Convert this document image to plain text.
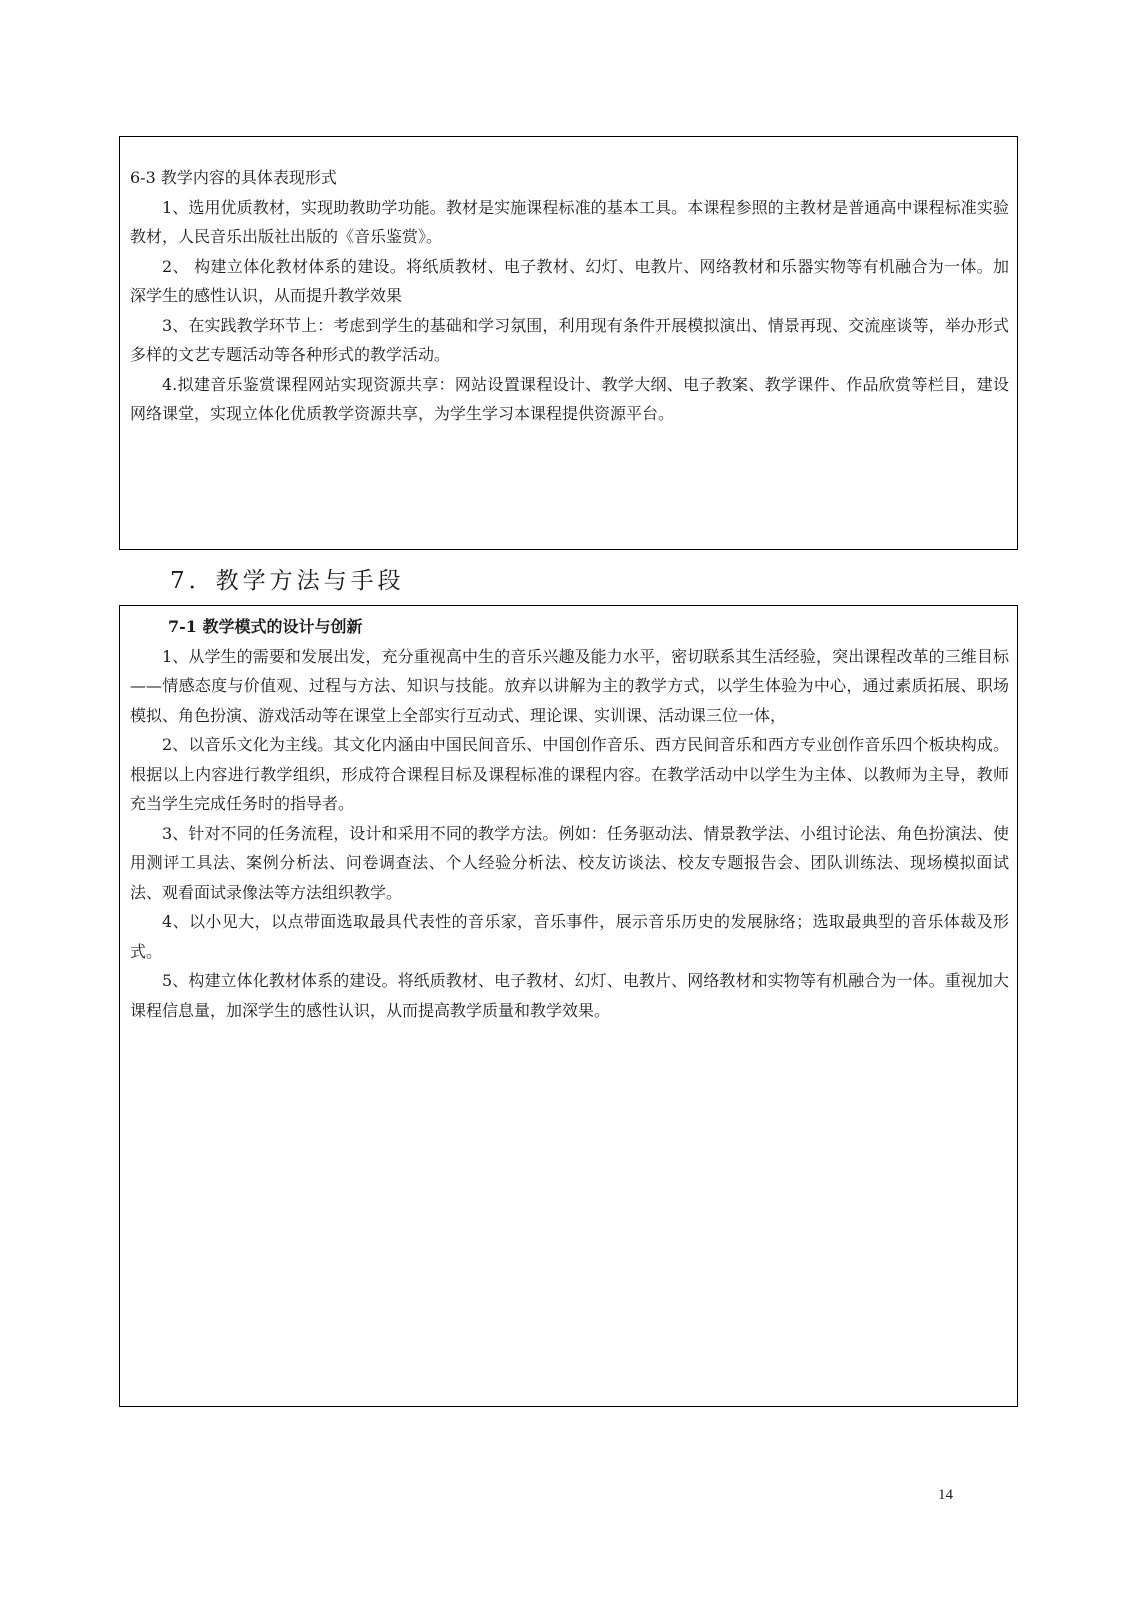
6-3 教学内容的具体表现形式

1、选用优质教材，实现助教助学功能。教材是实施课程标准的基本工具。本课程参照的主教材是普通高中课程标准实验教材，人民音乐出版社出版的《音乐鉴赏》。

2、 构建立体化教材体系的建设。将纸质教材、电子教材、幻灯、电教片、网络教材和乐器实物等有机融合为一体。加深学生的感性认识，从而提升教学效果

3、在实践教学环节上：考虑到学生的基础和学习氛围，利用现有条件开展模拟演出、情景再现、交流座谈等，举办形式多样的文艺专题活动等各种形式的教学活动。

4.拟建音乐鉴赏课程网站实现资源共享：网站设置课程设计、教学大纲、电子教案、教学课件、作品欣赏等栏目，建设网络课堂，实现立体化优质教学资源共享，为学生学习本课程提供资源平台。

7．教学方法与手段

7-1 教学模式的设计与创新

1、从学生的需要和发展出发，充分重视高中生的音乐兴趣及能力水平，密切联系其生活经验，突出课程改革的三维目标——情感态度与价值观、过程与方法、知识与技能。放弃以讲解为主的教学方式，以学生体验为中心，通过素质拓展、职场模拟、角色扮演、游戏活动等在课堂上全部实行互动式、理论课、实训课、活动课三位一体，

2、以音乐文化为主线。其文化内涵由中国民间音乐、中国创作音乐、西方民间音乐和西方专业创作音乐四个板块构成。根据以上内容进行教学组织，形成符合课程目标及课程标准的课程内容。在教学活动中以学生为主体、以教师为主导，教师充当学生完成任务时的指导者。

3、针对不同的任务流程，设计和采用不同的教学方法。例如：任务驱动法、情景教学法、小组讨论法、角色扮演法、使用测评工具法、案例分析法、问卷调查法、个人经验分析法、校友访谈法、校友专题报告会、团队训练法、现场模拟面试法、观看面试录像法等方法组织教学。

4、以小见大，以点带面选取最具代表性的音乐家，音乐事件，展示音乐历史的发展脉络；选取最典型的音乐体裁及形式。

5、构建立体化教材体系的建设。将纸质教材、电子教材、幻灯、电教片、网络教材和实物等有机融合为一体。重视加大课程信息量，加深学生的感性认识，从而提高教学质量和教学效果。

14
